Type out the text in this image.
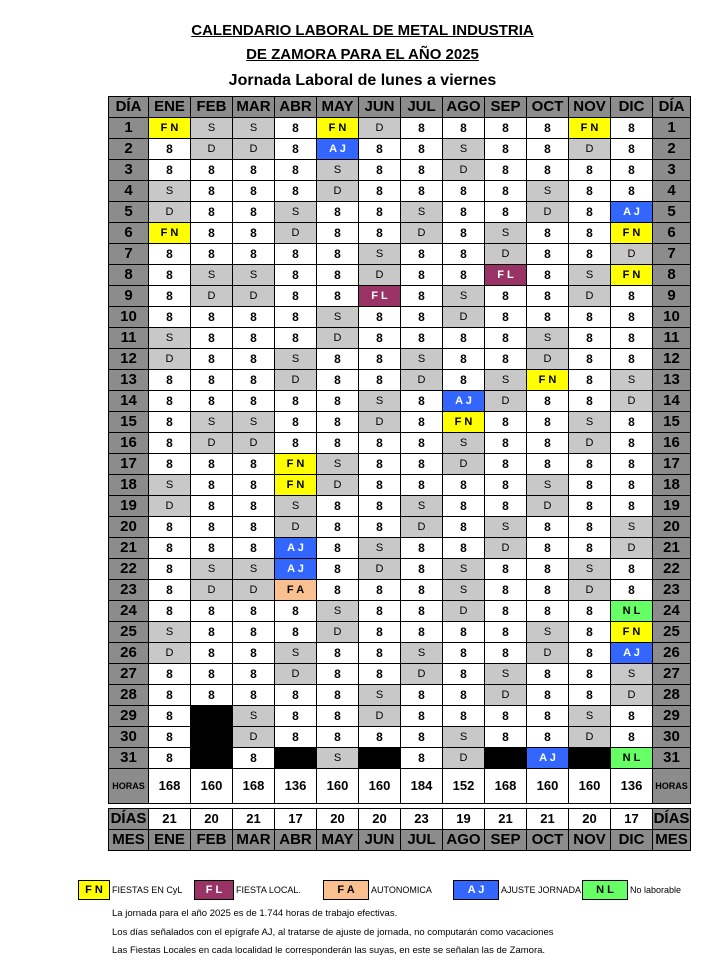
CALENDARIO LABORAL DE METAL INDUSTRIA
DE ZAMORA PARA EL AÑO 2025
Jornada Laboral de lunes a viernes
DÍA	ENE	FEB	MAR	ABR	MAY	JUN	JUL	AGO	SEP	OCT	NOV	DIC	DÍA
1	F N	S	S	8	F N	D	8	8	8	8	F N	8	1
2	8	D	D	8	A J	8	8	S	8	8	D	8	2
3	8	8	8	8	S	8	8	D	8	8	8	8	3
4	S	8	8	8	D	8	8	8	8	S	8	8	4
5	D	8	8	S	8	8	S	8	8	D	8	A J	5
6	F N	8	8	D	8	8	D	8	S	8	8	F N	6
7	8	8	8	8	8	S	8	8	D	8	8	D	7
8	8	S	S	8	8	D	8	8	F L	8	S	F N	8
9	8	D	D	8	8	F L	8	S	8	8	D	8	9
10	8	8	8	8	S	8	8	D	8	8	8	8	10
11	S	8	8	8	D	8	8	8	8	S	8	8	11
12	D	8	8	S	8	8	S	8	8	D	8	8	12
13	8	8	8	D	8	8	D	8	S	F N	8	S	13
14	8	8	8	8	8	S	8	A J	D	8	8	D	14
15	8	S	S	8	8	D	8	F N	8	8	S	8	15
16	8	D	D	8	8	8	8	S	8	8	D	8	16
17	8	8	8	F N	S	8	8	D	8	8	8	8	17
18	S	8	8	F N	D	8	8	8	8	S	8	8	18
19	D	8	8	S	8	8	S	8	8	D	8	8	19
20	8	8	8	D	8	8	D	8	S	8	8	S	20
21	8	8	8	A J	8	S	8	8	D	8	8	D	21
22	8	S	S	A J	8	D	8	S	8	8	S	8	22
23	8	D	D	F A	8	8	8	S	8	8	D	8	23
24	8	8	8	8	S	8	8	D	8	8	8	N L	24
25	S	8	8	8	D	8	8	8	8	S	8	F N	25
26	D	8	8	S	8	8	S	8	8	D	8	A J	26
27	8	8	8	D	8	8	D	8	S	8	8	S	27
28	8	8	8	8	8	S	8	8	D	8	8	D	28
29	8		S	8	8	D	8	8	8	8	S	8	29
30	8		D	8	8	8	8	S	8	8	D	8	30
31	8		8		S		8	D		A J		N L	31
HORAS	168	160	168	136	160	160	184	152	168	160	160	136	HORAS

DÍAS	21	20	21	17	20	20	23	19	21	21	20	17	DÍAS
MES	ENE	FEB	MAR	ABR	MAY	JUN	JUL	AGO	SEP	OCT	NOV	DIC	MES
F N FIESTAS EN CyL	F L FIESTA LOCAL.	F A AUTONOMICA	A J AJUSTE JORNADA	N L No laborable
La jornada para el año 2025 es de 1.744 horas de trabajo efectivas.
Los días señalados con el epígrafe AJ, al tratarse de ajuste de jornada, no computarán como vacaciones
Las Fiestas Locales en cada localidad le corresponderán las suyas, en este se señalan las de Zamora.
